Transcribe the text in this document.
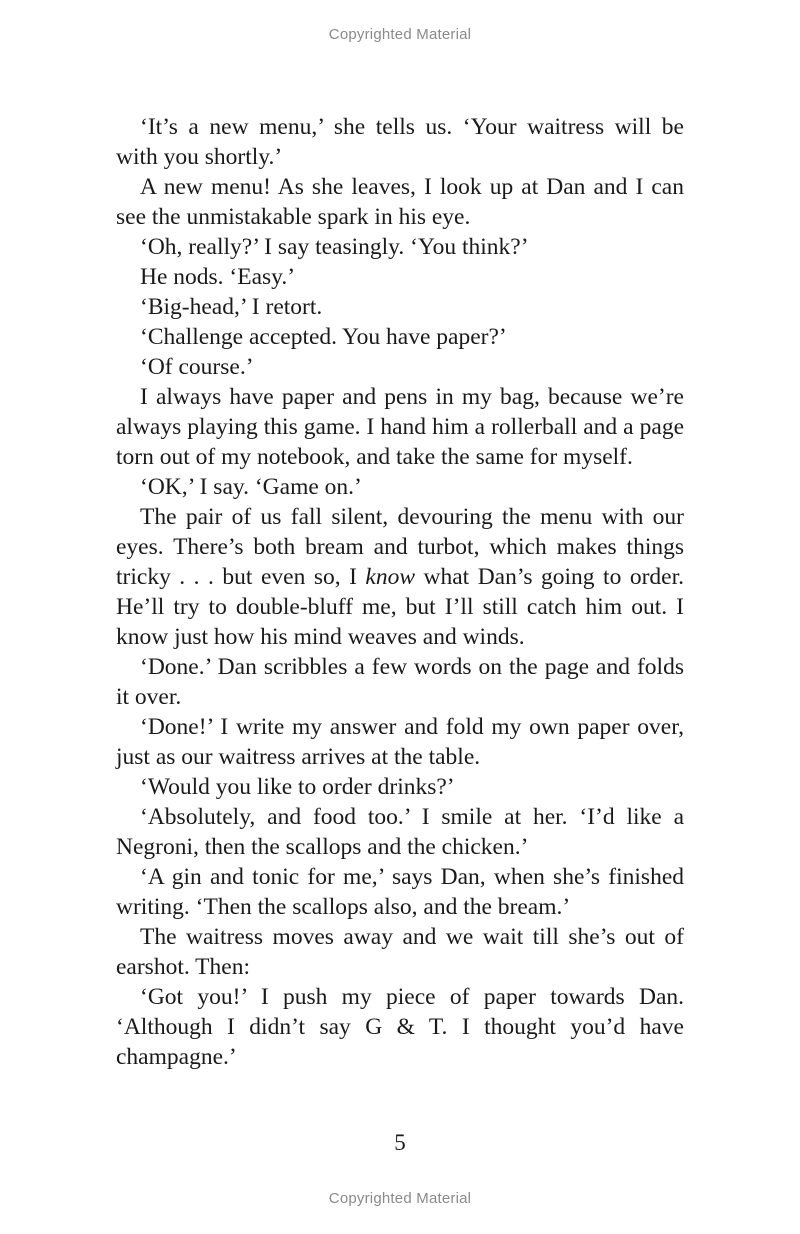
Copyrighted Material

‘It’s a new menu,’ she tells us. ‘Your waitress will be with you shortly.’

A new menu! As she leaves, I look up at Dan and I can see the unmistakable spark in his eye.

‘Oh, really?’ I say teasingly. ‘You think?’

He nods. ‘Easy.’

‘Big-head,’ I retort.

‘Challenge accepted. You have paper?’

‘Of course.’

I always have paper and pens in my bag, because we’re always playing this game. I hand him a rollerball and a page torn out of my notebook, and take the same for myself.

‘OK,’ I say. ‘Game on.’

The pair of us fall silent, devouring the menu with our eyes. There’s both bream and turbot, which makes things tricky . . . but even so, I know what Dan’s going to order. He’ll try to double-bluff me, but I’ll still catch him out. I know just how his mind weaves and winds.

‘Done.’ Dan scribbles a few words on the page and folds it over.

‘Done!’ I write my answer and fold my own paper over, just as our waitress arrives at the table.

‘Would you like to order drinks?’

‘Absolutely, and food too.’ I smile at her. ‘I’d like a Negroni, then the scallops and the chicken.’

‘A gin and tonic for me,’ says Dan, when she’s finished writing. ‘Then the scallops also, and the bream.’

The waitress moves away and we wait till she’s out of earshot. Then:

‘Got you!’ I push my piece of paper towards Dan. ‘Although I didn’t say G & T. I thought you’d have champagne.’

5
Copyrighted Material
